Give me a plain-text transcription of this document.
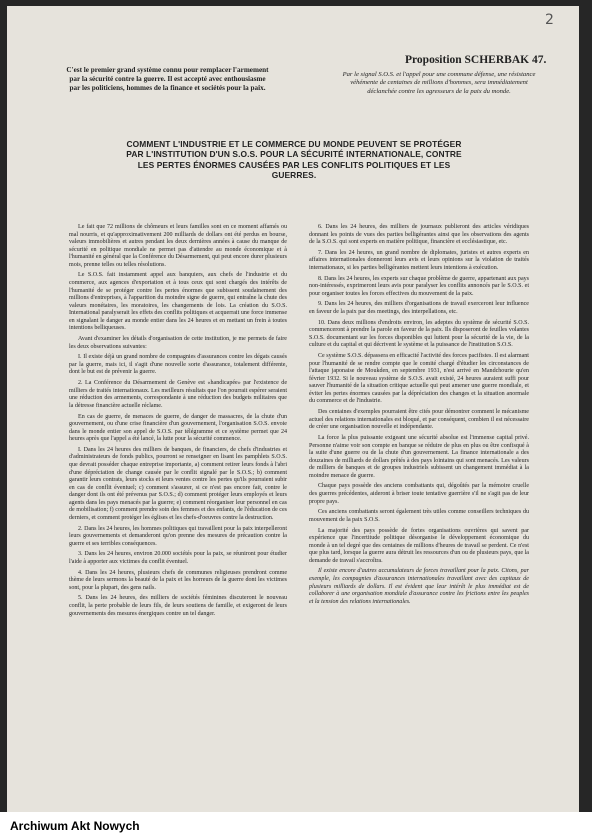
2
Proposition SCHERBAK 47.
C'est le premier grand système connu pour remplacer l'armement par la sécurité contre la guerre. Il est accepté avec enthousiasme par les politiciens, hommes de la finance et sociétés pour la paix.
Par le signal S.O.S. et l'appel pour une commune défense, une résistance véhémente de centaines de millions d'hommes, sera immédiatement déclanchée contre les agresseurs de la paix du monde.
COMMENT L'INDUSTRIE ET LE COMMERCE DU MONDE PEUVENT SE PROTÉGER PAR L'INSTITUTION D'UN S.O.S. POUR LA SÉCURITÉ INTERNATIONALE, CONTRE LES PERTES ÉNORMES CAUSÉES PAR LES CONFLITS POLITIQUES ET LES GUERRES.

Le fait que 72 millions de chômeurs et leurs familles sont en ce moment affamés ou mal nourris, et qu'approximativement 200 milliards de dollars ont été perdus en bourse, valeurs immobilières et autres pendant les deux dernières années à cause du manque de sécurité en politique mondiale ne permet pas d'attendre au monde économique et à l'humanité en général que la Conférence du Désarmement, qui peut encore durer plusieurs mois, prenne telles ou telles résolutions.

Le S.O.S. fait instamment appel aux banquiers, aux chefs de l'industrie et du commerce, aux agences d'exportation et à tous ceux qui sont chargés des intérêts de l'humanité de se protéger contre les pertes énormes que subissent soudainement des millions d'entreprises, à l'apparition du moindre signe de guerre, qui entraîne la chute des valeurs monétaires, les moratoires, les changements de lois. La création du S.O.S. International paralyserait les effets des conflits politiques et acquerrait une force immense en signalant le danger au monde entier dans les 24 heures et en mettant un frein à toutes intentions belliqueuses.

Avant d'examiner les détails d'organisation de cette institution, je me permets de faire les deux observations suivantes:

I. Il existe déjà un grand nombre de compagnies d'assurances contre les dégats causés par la guerre, mais ici, il s'agit d'une nouvelle sorte d'assurance, totalement différente, dont le but est de prévenir la guerre.

2. La Conférence du Désarmement de Genève est «handicapée» par l'existence de milliers de traités internationaux. Les meilleurs résultats que l'on pourrait espérer seraient une réduction des armements, correspondante à une réduction des budgets militaires que la détresse financière actuelle réclame.

En cas de guerre, de menaces de guerre, de danger de massacres, de la chute d'un gouvernement, ou d'une crise financière d'un gouvernement, l'organisation S.O.S. envoie dans le monde entier son appel de S.O.S. par télégramme et ce système permet que 24 heures après que l'appel a été lancé, la lutte pour la sécurité commence.

I. Dans les 24 heures des milliers de banques, de financiers, de chefs d'industries et d'administrateurs de fonds publics, pourront se renseigner en lisant les pamphlets S.O.S. que devrait posséder chaque entreprise importante, a) comment retirer leurs fonds à l'abri d'une dépréciation de change causée par le conflit signalé par le S.O.S.; b) comment garantir leurs contrats, leurs stocks et leurs ventes contre les pertes qu'ils pourraient subir en cas de conflit éventuel; c) comment s'assurer, si ce n'est pas encore fait, contre le danger dont ils ont été prévenus par S.O.S.; d) comment protéger leurs employés et leurs agents dans les pays menacés par la guerre; e) comment réorganiser leur personnel en cas de mobilisation; f) comment prendre soin des femmes et des enfants, de l'éducation de ces derniers, et comment protéger les églises et les chefs-d'oeuvres contre la destruction.

2. Dans les 24 heures, les hommes politiques qui travaillent pour la paix interpelleront leurs gouvernements et demanderont qu'on prenne des mesures de précaution contre la guerre et ses terribles conséquences.

3. Dans les 24 heures, environ 20.000 sociétés pour la paix, se réuniront pour étudier l'aide à apporter aux victimes du conflit éventuel.

4. Dans les 24 heures, plusieurs chefs de communes religieuses prendront comme thème de leurs sermons la beauté de la paix et les horreurs de la guerre dont les victimes sont, pour la plupart, des gens nails.

5. Dans les 24 heures, des milliers de sociétés féminines discuteront le nouveau conflit, la perte probable de leurs fils, de leurs soutiens de famille, et exigeront de leurs gouvernements des mesures énergiques contre un tel danger.

6. Dans les 24 heures, des milliers de journaux publieront des articles véridiques donnant les points de vues des parties belligérantes ainsi que les observations des agents de la S.O.S. qui sont experts en matière politique, financière et ecclésiastique, etc.

7. Dans les 24 heures, un grand nombre de diplomates, juristes et autres experts en affaires internationales donneront leurs avis et leurs opinions sur la violation de traités internationaux, si les parties belligérantes mettent leurs intentions à exécution.

8. Dans les 24 heures, les experts sur chaque problème de guerre, appartenant aux pays non-intéressés, exprimeront leurs avis pour paralyser les conflits annoncés par le S.O.S. et pour organiser toutes les forces effectives du mouvement de la paix.

9. Dans les 24 heures, des milliers d'organisations de travail exerceront leur influence en faveur de la paix par des meetings, des interpellations, etc.

10. Dans deux millions d'endroits environ, les adeptes du système de sécurité S.O.S. commenceront à prendre la parole en faveur de la paix. Ils disposeront de feuilles volantes S.O.S. documentant sur les forces disponibles qui luttent pour la sécurité de la vie, de la culture et du capital et qui décrivent le système et la puissance de l'institution S.O.S.

Ce système S.O.S. dépassera en efficacité l'activité des forces pacifistes. Il est alarmant pour l'humanité de se rendre compte que le comité chargé d'étudier les circonstances de l'attaque japonaise de Moukden, en septembre 1931, n'est arrivé en Mandchourie qu'en février 1932. Si le nouveau système de S.O.S. avait existé, 24 heures auraient suffi pour sauver l'humanité de la situation critique actuelle qui peut amener une guerre mondiale, et éviter les pertes énormes causées par la dépréciation des changes et la situation anormale du commerce et de l'industrie.

Des centaines d'exemples pourraient être cités pour démontrer comment le mécanisme actuel des relations internationales est bloqué, et par conséquent, combien il est nécessaire de créer une organisation nouvelle et indépendante.

La force la plus puissante exigeant une sécurité absolue est l'immense capital privé. Personne n'aime voir son compte en banque se réduire de plus en plus ou être confisqué à la suite d'une guerre ou de la chute d'un gouvernement. La finance internationale a des douzaines de milliards de dollars prêtés à des pays lointains qui sont menacés. Les valeurs de milliers de banques et de groupes industriels subissent un changement immédiat à la moindre menace de guerre.

Chaque pays possède des anciens combattants qui, dégoûtés par la mémoire cruelle des guerres précédentes, aideront à briser toute tentative guerrière s'il ne s'agit pas de leur propre pays.

Ces anciens combattants seront également très utiles comme conseillers techniques du mouvement de la paix S.O.S.

La majorité des pays possède de fortes organisations ouvrières qui savent par expérience que l'incertitude politique désorganise le développement économique du monde à un tel degré que des centaines de millions d'heures de travail se perdent. Ce n'est que plus tard, lorsque la guerre aura détruit les ressources d'un ou de plusieurs pays, que la demande de travail s'accroîtra.

Il existe encore d'autres accumulateurs de forces travaillant pour la paix. Citons, par exemple, les compagnies d'assurances internationales travaillant avec des capitaux de plusieurs milliards de dollars. Il est évident que leur intérêt le plus immédiat est de collaborer à une organisation mondiale d'assurance contre les frictions entre les peuples et la tension des relations internationales.

Archiwum Akt Nowych
